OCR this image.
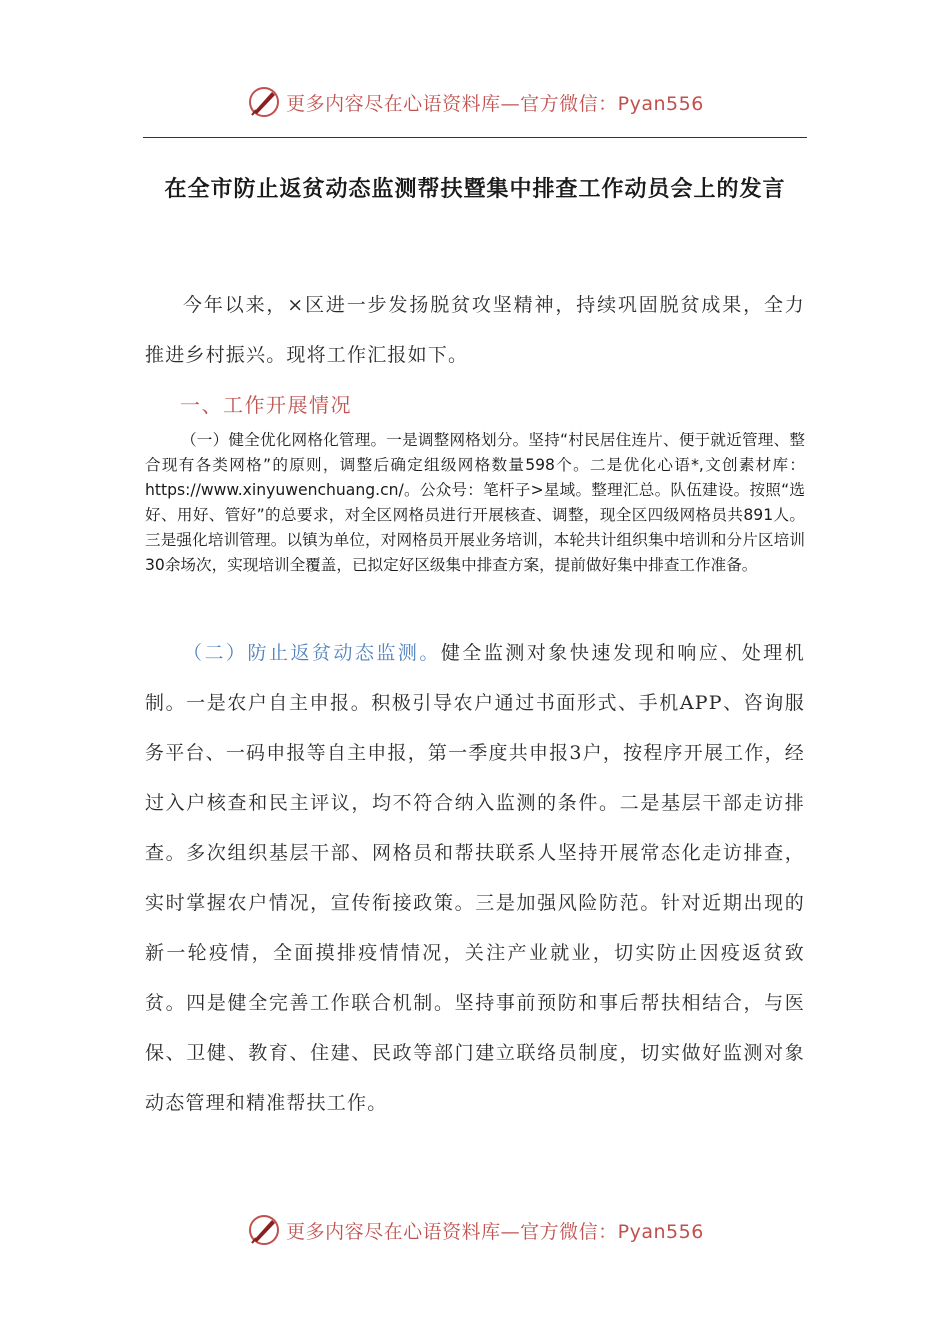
更多内容尽在心语资料库—官方微信：Pyan556
在全市防止返贫动态监测帮扶暨集中排查工作动员会上的发言
今年以来，×区进一步发扬脱贫攻坚精神，持续巩固脱贫成果，全力推进乡村振兴。现将工作汇报如下。
一、工作开展情况
（一）健全优化网格化管理。一是调整网格划分。坚持“村民居住连片、便于就近管理、整合现有各类网格”的原则，调整后确定组级网格数量598个。二是优化心语*,文创素材库：https://www.xinyuwenchuang.cn/。公众号：笔杆子>星域。整理汇总。队伍建设。按照“选好、用好、管好”的总要求，对全区网格员进行开展核查、调整，现全区四级网格员共891人。三是强化培训管理。以镇为单位，对网格员开展业务培训，本轮共计组织集中培训和分片区培训30余场次，实现培训全覆盖，已拟定好区级集中排查方案，提前做好集中排查工作准备。
（二）防止返贫动态监测。健全监测对象快速发现和响应、处理机制。一是农户自主申报。积极引导农户通过书面形式、手机APP、咨询服务平台、一码申报等自主申报，第一季度共申报3户，按程序开展工作，经过入户核查和民主评议，均不符合纳入监测的条件。二是基层干部走访排查。多次组织基层干部、网格员和帮扶联系人坚持开展常态化走访排查，实时掌握农户情况，宣传衔接政策。三是加强风险防范。针对近期出现的新一轮疫情，全面摸排疫情情况，关注产业就业，切实防止因疫返贫致贫。四是健全完善工作联合机制。坚持事前预防和事后帮扶相结合，与医保、卫健、教育、住建、民政等部门建立联络员制度，切实做好监测对象动态管理和精准帮扶工作。
更多内容尽在心语资料库—官方微信：Pyan556
